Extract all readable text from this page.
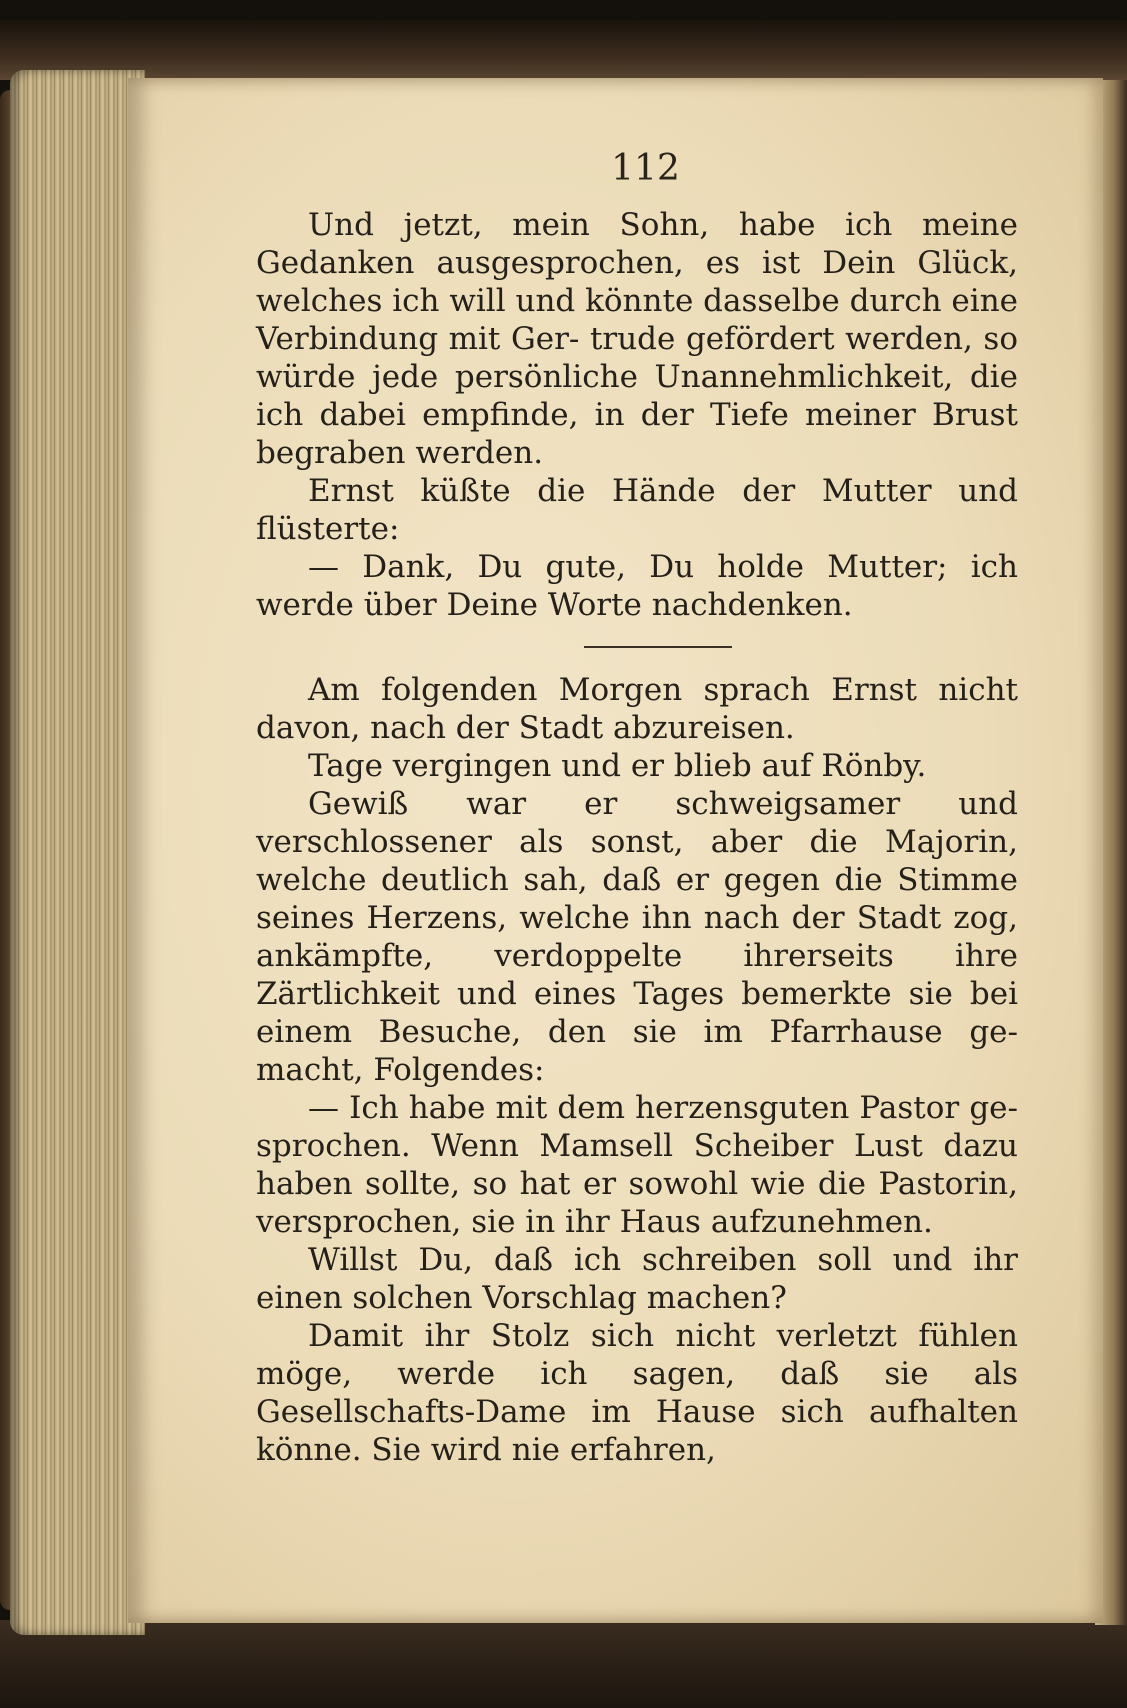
112

Und jetzt, mein Sohn, habe ich meine Gedanken ausgesprochen, es ist Dein Glück, welches ich will und könnte dasselbe durch eine Verbindung mit Ger- trude gefördert werden, so würde jede persönliche Unannehmlichkeit, die ich dabei empfinde, in der Tiefe meiner Brust begraben werden.

Ernst küßte die Hände der Mutter und flüsterte:

— Dank, Du gute, Du holde Mutter; ich werde über Deine Worte nachdenken.

Am folgenden Morgen sprach Ernst nicht davon, nach der Stadt abzureisen.

Tage vergingen und er blieb auf Rönby.

Gewiß war er schweigsamer und verschlossener als sonst, aber die Majorin, welche deutlich sah, daß er gegen die Stimme seines Herzens, welche ihn nach der Stadt zog, ankämpfte, verdoppelte ihrerseits ihre Zärtlichkeit und eines Tages bemerkte sie bei einem Besuche, den sie im Pfarrhause ge- macht, Folgendes:

— Ich habe mit dem herzensguten Pastor ge- sprochen. Wenn Mamsell Scheiber Lust dazu haben sollte, so hat er sowohl wie die Pastorin, versprochen, sie in ihr Haus aufzunehmen.

Willst Du, daß ich schreiben soll und ihr einen solchen Vorschlag machen?

Damit ihr Stolz sich nicht verletzt fühlen möge, werde ich sagen, daß sie als Gesellschafts-Dame im Hause sich aufhalten könne. Sie wird nie erfahren,
